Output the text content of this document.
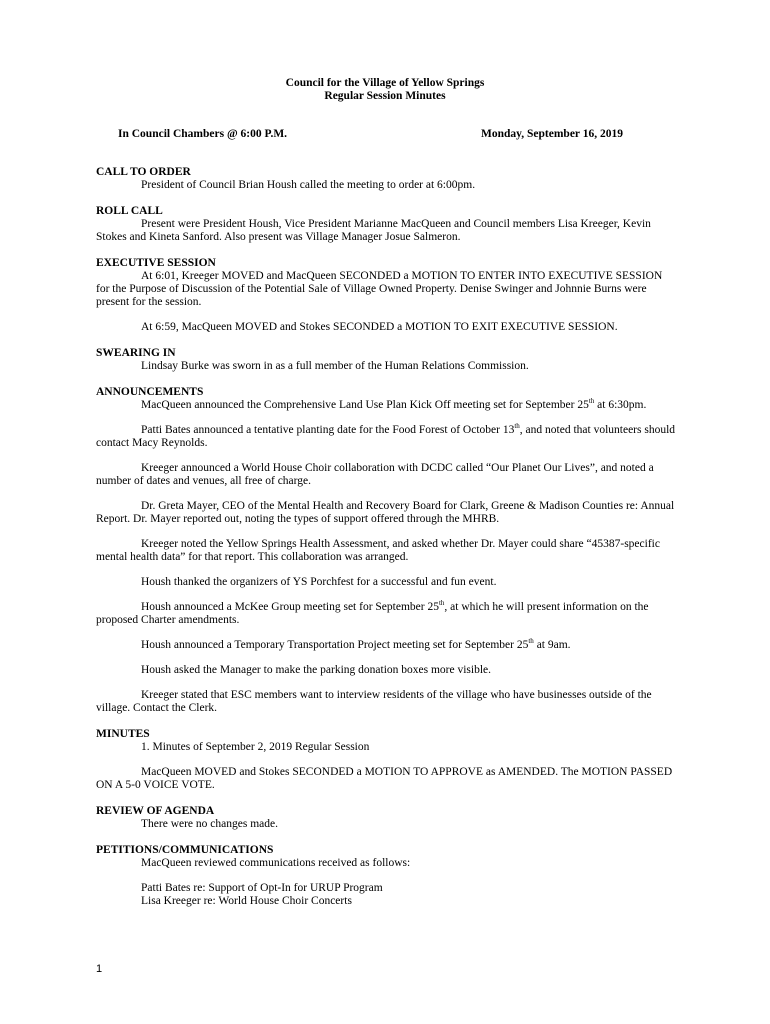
Council for the Village of Yellow Springs
Regular Session Minutes
In Council Chambers @ 6:00 P.M.	Monday, September 16, 2019
CALL TO ORDER
President of Council Brian Housh called the meeting to order at 6:00pm.
ROLL CALL
Present were President Housh, Vice President Marianne MacQueen and Council members Lisa Kreeger, Kevin Stokes and Kineta Sanford. Also present was Village Manager Josue Salmeron.
EXECUTIVE SESSION
At 6:01, Kreeger MOVED and MacQueen SECONDED a MOTION TO ENTER INTO EXECUTIVE SESSION for the Purpose of Discussion of the Potential Sale of Village Owned Property. Denise Swinger and Johnnie Burns were present for the session.
At 6:59, MacQueen MOVED and Stokes SECONDED a MOTION TO EXIT EXECUTIVE SESSION.
SWEARING IN
Lindsay Burke was sworn in as a full member of the Human Relations Commission.
ANNOUNCEMENTS
MacQueen announced the Comprehensive Land Use Plan Kick Off meeting set for September 25th at 6:30pm.
Patti Bates announced a tentative planting date for the Food Forest of October 13th, and noted that volunteers should contact Macy Reynolds.
Kreeger announced a World House Choir collaboration with DCDC called “Our Planet Our Lives”, and noted a number of dates and venues, all free of charge.
Dr. Greta Mayer, CEO of the Mental Health and Recovery Board for Clark, Greene & Madison Counties re: Annual Report. Dr. Mayer reported out, noting the types of support offered through the MHRB.
Kreeger noted the Yellow Springs Health Assessment, and asked whether Dr. Mayer could share “45387-specific mental health data” for that report. This collaboration was arranged.
Housh thanked the organizers of YS Porchfest for a successful and fun event.
Housh announced a McKee Group meeting set for September 25th, at which he will present information on the proposed Charter amendments.
Housh announced a Temporary Transportation Project meeting set for September 25th at 9am.
Housh asked the Manager to make the parking donation boxes more visible.
Kreeger stated that ESC members want to interview residents of the village who have businesses outside of the village. Contact the Clerk.
MINUTES
1. Minutes of September 2, 2019 Regular Session
MacQueen MOVED and Stokes SECONDED a MOTION TO APPROVE as AMENDED. The MOTION PASSED ON A 5-0 VOICE VOTE.
REVIEW OF AGENDA
There were no changes made.
PETITIONS/COMMUNICATIONS
MacQueen reviewed communications received as follows:
Patti Bates re: Support of Opt-In for URUP Program
Lisa Kreeger re: World House Choir Concerts
1
